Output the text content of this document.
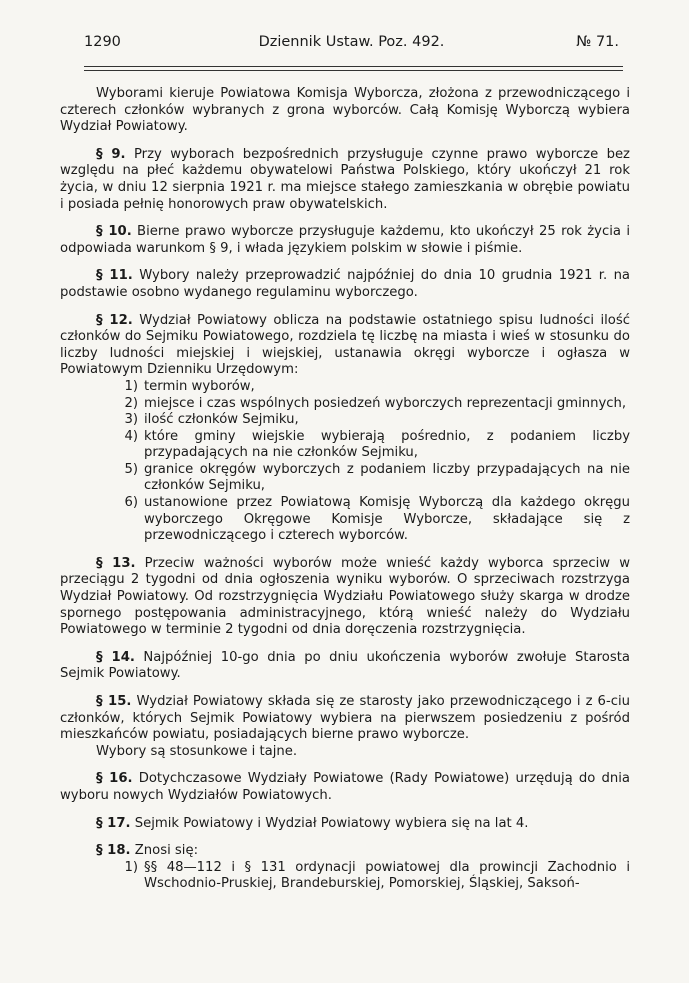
1290	Dziennik Ustaw. Poz. 492.	№ 71.

Wyborami kieruje Powiatowa Komisja Wyborcza, złożona z przewodniczącego i czterech członków wybranych z grona wyborców. Całą Komisję Wyborczą wybiera Wydział Powiatowy.

§ 9. Przy wyborach bezpośrednich przysługuje czynne prawo wyborcze bez względu na płeć każdemu obywatelowi Państwa Polskiego, który ukończył 21 rok życia, w dniu 12 sierpnia 1921 r. ma miejsce stałego zamieszkania w obrębie powiatu i posiada pełnię honorowych praw obywatelskich.

§ 10. Bierne prawo wyborcze przysługuje każdemu, kto ukończył 25 rok życia i odpowiada warunkom § 9, i włada językiem polskim w słowie i piśmie.

§ 11. Wybory należy przeprowadzić najpóźniej do dnia 10 grudnia 1921 r. na podstawie osobno wydanego regulaminu wyborczego.

§ 12. Wydział Powiatowy oblicza na podstawie ostatniego spisu ludności ilość członków do Sejmiku Powiatowego, rozdziela tę liczbę na miasta i wieś w stosunku do liczby ludności miejskiej i wiejskiej, ustanawia okręgi wyborcze i ogłasza w Powiatowym Dzienniku Urzędowym:

1) termin wyborów,
2) miejsce i czas wspólnych posiedzeń wyborczych reprezentacji gminnych,
3) ilość członków Sejmiku,
4) które gminy wiejskie wybierają pośrednio, z podaniem liczby przypadających na nie członków Sejmiku,
5) granice okręgów wyborczych z podaniem liczby przypadających na nie członków Sejmiku,
6) ustanowione przez Powiatową Komisję Wyborczą dla każdego okręgu wyborczego Okręgowe Komisje Wyborcze, składające się z przewodniczącego i czterech wyborców.

§ 13. Przeciw ważności wyborów może wnieść każdy wyborca sprzeciw w przeciągu 2 tygodni od dnia ogłoszenia wyniku wyborów. O sprzeciwach rozstrzyga Wydział Powiatowy. Od rozstrzygnięcia Wydziału Powiatowego służy skarga w drodze spornego postępowania administracyjnego, którą wnieść należy do Wydziału Powiatowego w terminie 2 tygodni od dnia doręczenia rozstrzygnięcia.

§ 14. Najpóźniej 10-go dnia po dniu ukończenia wyborów zwołuje Starosta Sejmik Powiatowy.

§ 15. Wydział Powiatowy składa się ze starosty jako przewodniczącego i z 6-ciu członków, których Sejmik Powiatowy wybiera na pierwszem posiedzeniu z pośród mieszkańców powiatu, posiadających bierne prawo wyborcze.

Wybory są stosunkowe i tajne.

§ 16. Dotychczasowe Wydziały Powiatowe (Rady Powiatowe) urzędują do dnia wyboru nowych Wydziałów Powiatowych.

§ 17. Sejmik Powiatowy i Wydział Powiatowy wybiera się na lat 4.

§ 18. Znosi się:

1) §§ 48—112 i § 131 ordynacji powiatowej dla prowincji Zachodnio i Wschodnio-Pruskiej, Brandeburskiej, Pomorskiej, Śląskiej, Saksoń-
